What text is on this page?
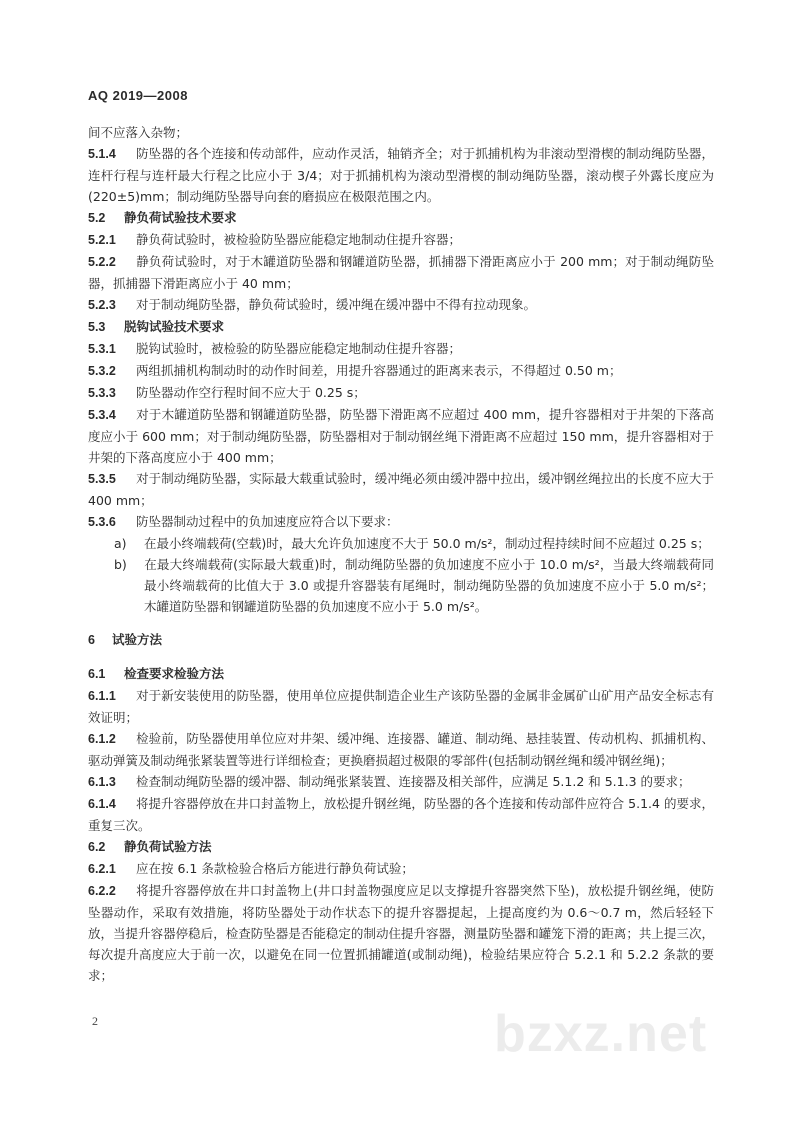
AQ 2019—2008

间不应落入杂物；

5.1.4 防坠器的各个连接和传动部件，应动作灵活，轴销齐全；对于抓捕机构为非滚动型滑楔的制动绳防坠器，连杆行程与连杆最大行程之比应小于 3/4；对于抓捕机构为滚动型滑楔的制动绳防坠器，滚动楔子外露长度应为(220±5)mm；制动绳防坠器导向套的磨损应在极限范围之内。

5.2 静负荷试验技术要求

5.2.1 静负荷试验时，被检验防坠器应能稳定地制动住提升容器；

5.2.2 静负荷试验时，对于木罐道防坠器和钢罐道防坠器，抓捕器下滑距离应小于 200 mm；对于制动绳防坠器，抓捕器下滑距离应小于 40 mm；

5.2.3 对于制动绳防坠器，静负荷试验时，缓冲绳在缓冲器中不得有拉动现象。

5.3 脱钩试验技术要求

5.3.1 脱钩试验时，被检验的防坠器应能稳定地制动住提升容器；

5.3.2 两组抓捕机构制动时的动作时间差，用提升容器通过的距离来表示，不得超过 0.50 m；

5.3.3 防坠器动作空行程时间不应大于 0.25 s；

5.3.4 对于木罐道防坠器和钢罐道防坠器，防坠器下滑距离不应超过 400 mm，提升容器相对于井架的下落高度应小于 600 mm；对于制动绳防坠器，防坠器相对于制动钢丝绳下滑距离不应超过 150 mm，提升容器相对于井架的下落高度应小于 400 mm；

5.3.5 对于制动绳防坠器，实际最大载重试验时，缓冲绳必须由缓冲器中拉出，缓冲钢丝绳拉出的长度不应大于 400 mm；

5.3.6 防坠器制动过程中的负加速度应符合以下要求：

a) 在最小终端载荷(空载)时，最大允许负加速度不大于 50.0 m/s²，制动过程持续时间不应超过 0.25 s；

b) 在最大终端载荷(实际最大载重)时，制动绳防坠器的负加速度不应小于 10.0 m/s²，当最大终端载荷同最小终端载荷的比值大于 3.0 或提升容器装有尾绳时，制动绳防坠器的负加速度不应小于 5.0 m/s²；木罐道防坠器和钢罐道防坠器的负加速度不应小于 5.0 m/s²。

6 试验方法

6.1 检查要求检验方法

6.1.1 对于新安装使用的防坠器，使用单位应提供制造企业生产该防坠器的金属非金属矿山矿用产品安全标志有效证明；

6.1.2 检验前，防坠器使用单位应对井架、缓冲绳、连接器、罐道、制动绳、悬挂装置、传动机构、抓捕机构、驱动弹簧及制动绳张紧装置等进行详细检查；更换磨损超过极限的零部件(包括制动钢丝绳和缓冲钢丝绳)；

6.1.3 检查制动绳防坠器的缓冲器、制动绳张紧装置、连接器及相关部件，应满足 5.1.2 和 5.1.3 的要求；

6.1.4 将提升容器停放在井口封盖物上，放松提升钢丝绳，防坠器的各个连接和传动部件应符合 5.1.4 的要求，重复三次。

6.2 静负荷试验方法

6.2.1 应在按 6.1 条款检验合格后方能进行静负荷试验；

6.2.2 将提升容器停放在井口封盖物上(井口封盖物强度应足以支撑提升容器突然下坠)，放松提升钢丝绳，使防坠器动作，采取有效措施，将防坠器处于动作状态下的提升容器提起，上提高度约为 0.6～0.7 m，然后轻轻下放，当提升容器停稳后，检查防坠器是否能稳定的制动住提升容器，测量防坠器和罐笼下滑的距离；共上提三次，每次提升高度应大于前一次，以避免在同一位置抓捕罐道(或制动绳)，检验结果应符合 5.2.1 和 5.2.2 条款的要求；

2	bzxz.net
